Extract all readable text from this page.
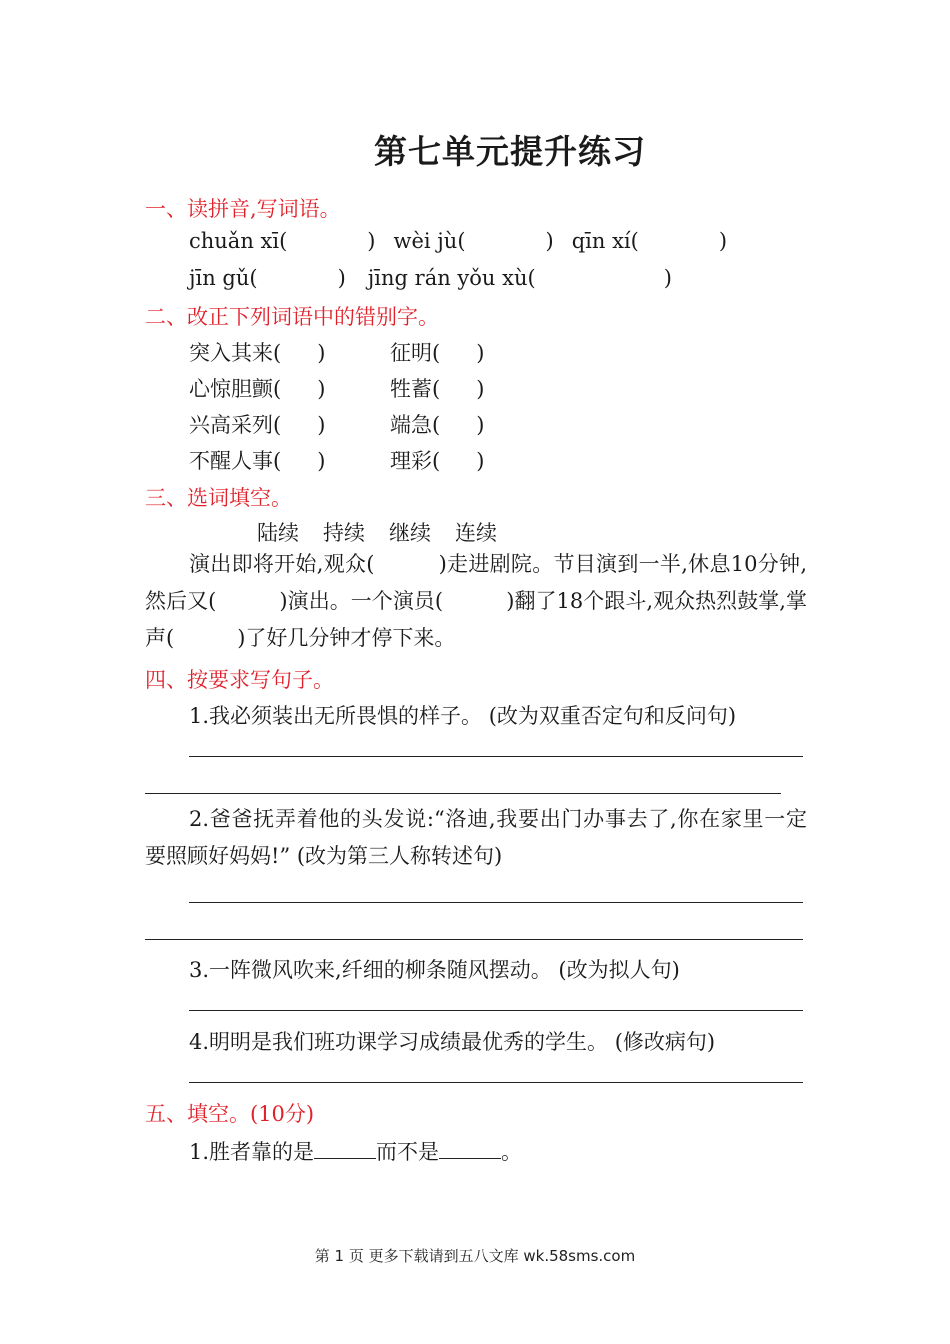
第七单元提升练习
一、读拼音,写词语。
chuǎn xī(	) wèi jù(	) qīn xí(	)
jīn gǔ(	) jīng rán yǒu xù(	)
二、改正下列词语中的错别字。
突入其来( )	征明( )
心惊胆颤( )	牲蓄( )
兴高采列( )	端急( )
不醒人事( )	理彩( )
三、选词填空。
陆续 持续 继续 连续
演出即将开始,观众(　　　)走进剧院。节目演到一半,休息10分钟,然后又(　　　)演出。一个演员(　　　)翻了18个跟斗,观众热烈鼓掌,掌声(　　　)了好几分钟才停下来。
四、按要求写句子。
1.我必须装出无所畏惧的样子。 (改为双重否定句和反问句)
2.爸爸抚弄着他的头发说:“洛迪,我要出门办事去了,你在家里一定要照顾好妈妈!” (改为第三人称转述句)
3.一阵微风吹来,纤细的柳条随风摆动。 (改为拟人句)
4.明明是我们班功课学习成绩最优秀的学生。 (修改病句)
五、填空。(10分)
1.胜者靠的是	而不是	。
第 1 页 更多下载请到五八文库 wk.58sms.com
